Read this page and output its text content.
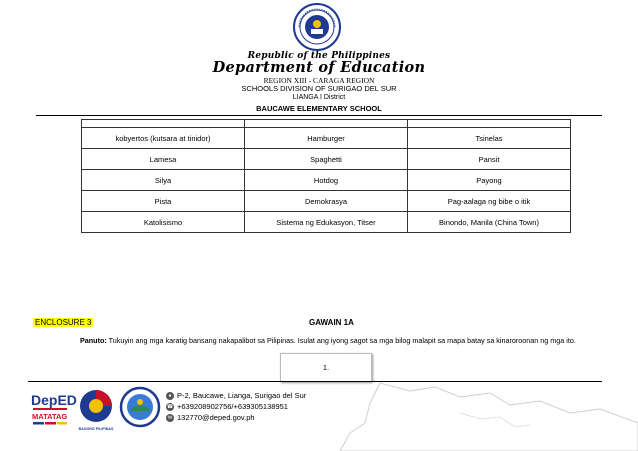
Republic of the Philippines
Department of Education
REGION XIII - CARAGA REGION
SCHOOLS DIVISION OF SURIGAO DEL SUR
LIANGA I District
BAUCAWE ELEMENTARY SCHOOL

kobyertos (kutsara at tinidor)	Hamburger	Tsinelas
Lamesa	Spaghetti	Pansit
Silya	Hotdog	Payong
Pista	Demokrasya	Pag-aalaga ng bibe o itik
Katolisismo	Sistema ng Edukasyon, Titser	Binondo, Manila (China Town)
ENCLOSURE 3	GAWAIN 1A
Panuto: Tukuyin ang mga karatig bansang nakapalibot sa Pilipinas. Isulat ang iyong sagot sa mga bilog malapit sa mapa batay sa kinaroroonan ng mga ito.
1.
DepED
MATATAG
BAGONG PILIPINAS
● P-2, Baucawe, Lianga, Surigao del Sur
☎ +639208902756/+639305138951
✉ 132770@deped.gov.ph
